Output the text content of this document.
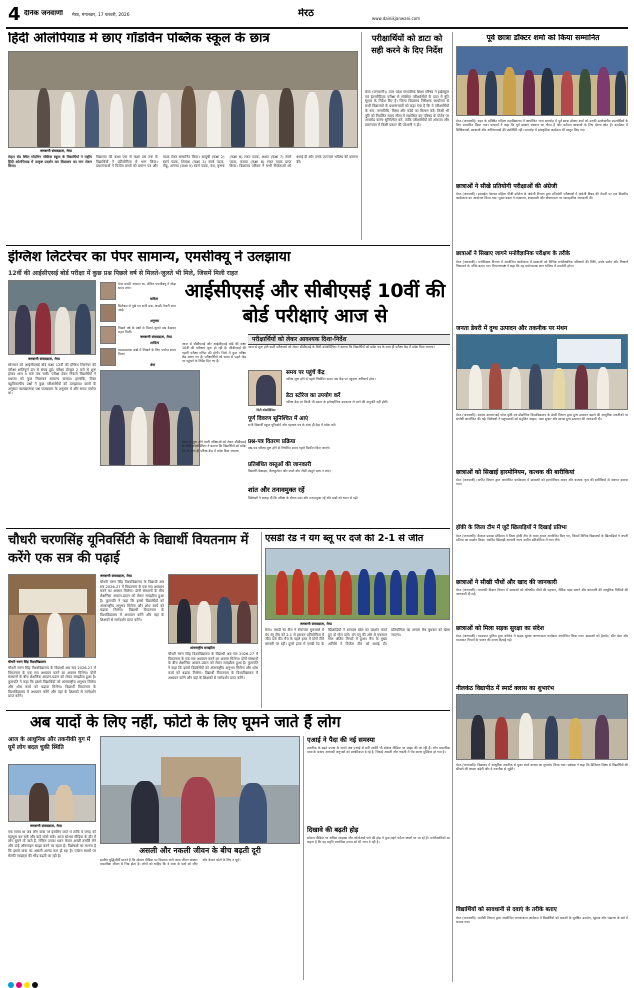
4 दैनिक जनवाणी मेरठ, मंगलवार, 17 फरवरी, 2026	मेरठ	www.dainikjanwani.com
हिंदी ओलंपियाड में छाए गॉडविन पब्लिक स्कूल के छात्र
जनवाणी संवाददाता, मेरठ
रोहटा रोड स्थित गॉडविन पब्लिक स्कूल के विद्यार्थियों ने राष्ट्रीय हिंदी ओलंपियाड में उत्कृष्ट प्रदर्शन कर विद्यालय का नाम रोशन किया।
विद्यालय की कक्षा एक से कक्षा दस तक के विद्यार्थियों ने प्रतियोगिता में भाग लिया। प्रधानाचार्या ने विजेता छात्रों को प्रमाण पत्र और पदक देकर सम्मानित किया। आयुषी (कक्षा 2) स्वर्ण पदक, शिवांश (कक्षा 3) स्वर्ण पदक, पीहू, अनन्या (कक्षा 5) स्वर्ण पदक, वंश, कृष्णा (कक्षा 6) रजत पदक, अक्षत (कक्षा 7) स्वर्ण पदक, काव्या (कक्षा 8) रजत पदक प्राप्त किया। विद्यालय परिवार ने सभी विजेताओं को बधाई दी और उनके उज्ज्वल भविष्य की कामना की।
परीक्षार्थियों को डाटा को सही करने के दिए निर्देश
मेरठ (जनवाणी)। उत्तर प्रदेश माध्यमिक शिक्षा परिषद ने हाईस्कूल एवं इंटरमीडिएट परीक्षा से संबंधित परीक्षार्थियों के डाटा में त्रुटि सुधार के निर्देश दिए हैं। जिला विद्यालय निरीक्षक कार्यालय से सभी विद्यालयों के प्रधानाचार्यों को कहा गया है कि वे परीक्षार्थियों के नाम, जन्मतिथि, विषय और फोटो का मिलान करें। किसी भी त्रुटि को निर्धारित समय सीमा में संशोधित कर परिषद के पोर्टल पर अपलोड करना सुनिश्चित करें, ताकि परीक्षार्थियों को अंकपत्र और प्रमाणपत्र में किसी प्रकार की परेशानी न हो।
पूर्व छात्रा डॉक्टर शर्मा को किया सम्मानित
मेरठ (जनवाणी)। शहर के प्रतिष्ठित महिला महाविद्यालय में आयोजित भव्य समारोह में पूर्व छात्रा डॉक्टर शर्मा को उनकी उल्लेखनीय उपलब्धियों के लिए सम्मानित किया गया। प्राचार्या ने कहा कि पूर्व छात्राएं संस्थान का गौरव हैं और वर्तमान छात्राओं के लिए प्रेरणा स्रोत हैं। कार्यक्रम में शिक्षिकाओं, छात्राओं और अभिभावकों की उपस्थिति रही। समारोह में सांस्कृतिक कार्यक्रम भी प्रस्तुत किए गए।
छात्राओं ने सीखे प्रतियोगी परीक्षाओं की अंग्रेजी
मेरठ (जनवाणी)। इस्माईल नेशनल महिला पीजी कॉलेज के अंग्रेजी विभाग द्वारा प्रतियोगी परीक्षाओं में अंग्रेजी विषय की तैयारी पर एक दिवसीय कार्यशाला का आयोजन किया गया। मुख्य वक्ता ने व्याकरण, शब्दावली और बोधगम्यता पर व्यावहारिक जानकारी दी।
छात्राओं ने सिखाए जागने मनोवैज्ञानिक परीक्षण के तरीके
मेरठ (जनवाणी)। मनोविज्ञान विभाग में आयोजित कार्यशाला में छात्राओं को विभिन्न मनोवैज्ञानिक परीक्षणों की विधि, उनके प्रयोग और निष्कर्ष निकालने के तरीके बताए गए। विभागाध्यक्ष ने कहा कि यह प्रयोगात्मक ज्ञान भविष्य में उपयोगी होगा।
जनता डेयरी में दुग्ध उत्पादन और तकनीक पर मंथन
मेरठ (जनवाणी)। सरदार वल्लभभाई पटेल कृषि एवं प्रौद्योगिक विश्वविद्यालय के डेयरी विभाग द्वारा दुग्ध उत्पादन बढ़ाने की आधुनिक तकनीकों पर संगोष्ठी आयोजित की गई। विशेषज्ञों ने पशुपालकों को संतुलित आहार, नस्ल सुधार और स्वच्छ दुग्ध उत्पादन की जानकारी दी।
छात्राओं को सिखाई हारमोनियम, कत्थक की बारीकियां
मेरठ (जनवाणी)। संगीत विभाग द्वारा आयोजित कार्यशाला में छात्राओं को हारमोनियम वादन और कत्थक नृत्य की बारीकियों से अवगत कराया गया।
हॉकी के जिला टीम में जुटें खिलाड़ियों ने दिखाई प्रतिभा
मेरठ (जनवाणी)। कैलाश प्रकाश स्टेडियम में जिला हॉकी टीम के चयन ट्रायल आयोजित किए गए, जिसमें विभिन्न विद्यालयों के खिलाड़ियों ने अपनी प्रतिभा का प्रदर्शन किया। चयनित खिलाड़ी आगामी राज्य स्तरीय प्रतियोगिता में भाग लेंगे।
छात्राओं ने सीखी पौधों और खाद की जानकारी
मेरठ (जनवाणी)। वनस्पति विज्ञान विभाग में छात्राओं को औषधीय पौधों की पहचान, जैविक खाद बनाने और बागवानी की आधुनिक विधियों की जानकारी दी गई।
छात्राओं को मिला सड़क सुरक्षा का संदेश
मेरठ (जनवाणी)। यातायात पुलिस द्वारा कॉलेज में सड़क सुरक्षा जागरूकता कार्यक्रम आयोजित किया गया। छात्राओं को हेलमेट, सीट बेल्ट और यातायात नियमों के पालन की शपथ दिलाई गई।
नीलकंठ विद्यापीठ में स्मार्ट क्लास का शुभारंभ
मेरठ (जनवाणी)। विद्यालय में आधुनिक तकनीक से युक्त स्मार्ट क्लास का शुभारंभ किया गया। प्रबंधक ने कहा कि डिजिटल शिक्षा से विद्यार्थियों की सीखने की क्षमता बढ़ेगी और वे तकनीक से जुड़ेंगे।
विद्यार्थियों को सावधानी से दवाएं के तरीके बताए
मेरठ (जनवाणी)। फार्मेसी विभाग द्वारा आयोजित जागरूकता कार्यक्रम में विद्यार्थियों को दवाओं के सुरक्षित उपयोग, खुराक और भंडारण के बारे में बताया गया।
इंग्लिश लिटरेचर का पेपर सामान्य, एमसीक्यू ने उलझाया
12वीं की आईसीएसई बोर्ड परीक्षा में कुछ प्रश्न पिछले वर्ष से मिलते-जुलते भी मिले, जिसमें मिली राहत
जनवाणी संवाददाता, मेरठ
सोमवार को आईसीएसई बोर्ड कक्षा 12वीं की इंग्लिश लिटरेचर की परीक्षा शांतिपूर्ण ढंग से संपन्न हुई। परीक्षा दोपहर 2 बजे से शुरू होकर शाम 5 बजे तक चली। परीक्षा देकर निकले विद्यार्थियों ने प्रश्नपत्र को कुल मिलाकर सामान्य बताया। हालांकि, रिक्त बहुविकल्पीय प्रश्नों ने कुछ परीक्षार्थियों को उलझाया। छात्रों के अनुसार व्याख्यात्मक प्रश्न पाठ्यक्रम के अनुसार थे और समय पर्याप्त था।
पेपर काफी आसान था, लेकिन एमसीक्यू में थोड़ा समय लगा।
कविता
सिलेबस से पूछे गए सभी प्रश्न, अच्छी तैयारी काम आई।
अनुष्का
पिछले वर्ष के प्रश्नों से मिलते-जुलते प्रश्न देखकर राहत मिली।
आदित्य
व्याख्यात्मक प्रश्नों में लिखने के लिए पर्याप्त समय मिला।
श्रेया
आईसीएसई और सीबीएसई 10वीं की बोर्ड परीक्षाएं आज से
जनवाणी संवाददाता, मेरठ
आज से सीबीएसई और आईसीएसई बोर्ड की कक्षा 10वीं की परीक्षाएं शुरू हो रही हैं। सीबीएसई की पहली परीक्षा गणित की होगी। जिले में कुल परीक्षा केंद्र बनाए गए हैं। परीक्षार्थियों को समय से पहले केंद्र पर पहुंचने के निर्देश दिए गए हैं।
परीक्षार्थियों को लेकर आवश्यक दिशा-निर्देश
आज से शुरू होने वाली परीक्षाओं को लेकर सीबीएसई के सिटी कोऑर्डिनेटर ने बताया कि विद्यार्थियों को प्रवेश पत्र के साथ ही परीक्षा केंद्र में प्रवेश दिया जाएगा।
सिटी कोऑर्डिनेटर
समय पर पहुंचें केंद्र
परीक्षा शुरू होने से पहले निर्धारित समय तक केंद्र पर पहुंचना अनिवार्य होगा।
डेटा स्टोरेज का उपयोग करें
परीक्षा केंद्र पर किसी भी प्रकार के इलेक्ट्रॉनिक उपकरण ले जाने की अनुमति नहीं होगी।
पूर्ण विवरण सूनिश्चित में आएं
सभी विद्यार्थी स्कूल यूनिफॉर्म और पहचान पत्र के साथ ही केंद्र में प्रवेश करें।
प्रश्न-पत्र वितरण प्रक्रिया
प्रश्न-पत्र परीक्षा शुरू होने से निर्धारित समय पहले वितरित किए जाएंगे।
प्रतिबंधित वस्तुओं की जानकारी
विद्यार्थी मोबाइल, कैलकुलेटर और स्मार्ट वॉच जैसी वस्तुएं साथ न लाएं।
शांत और तनावमुक्त रहें
विशेषज्ञों ने सलाह दी कि परीक्षा के दौरान शांत और तनावमुक्त रहें और प्रश्नों को ध्यान से पढ़ें।
आज से शुरू होने वाली परीक्षाओं को लेकर सीबीएसई के सिटी कोऑर्डिनेटर ने बताया कि विद्यार्थियों को प्रवेश पत्र के साथ ही परीक्षा केंद्र में प्रवेश दिया जाएगा।
चौधरी चरणसिंह यूनिवर्सिटी के विद्यार्थी वियतनाम में करेंगे एक सत्र की पढ़ाई
चौधरी चरण सिंह विश्वविद्यालय
चौधरी चरण सिंह विश्वविद्यालय के विद्यार्थी अब सत्र 2026-27 में वियतनाम के एक सत्र अध्ययन करने का अवसर मिलेगा। दोनों संस्थानों के बीच शैक्षणिक आदान-प्रदान को लेकर समझौता हुआ है। कुलपति ने कहा कि इससे विद्यार्थियों को अंतरराष्ट्रीय अनुभव मिलेगा और शोध कार्य को बढ़ावा मिलेगा। विद्यार्थी वियतनाम के विश्वविद्यालय में अध्ययन करेंगे और वहां के शिक्षकों से मार्गदर्शन प्राप्त करेंगे।
जनवाणी संवाददाता, मेरठ
चौधरी चरण सिंह विश्वविद्यालय के विद्यार्थी अब सत्र 2026-27 में वियतनाम के एक सत्र अध्ययन करने का अवसर मिलेगा। दोनों संस्थानों के बीच शैक्षणिक आदान-प्रदान को लेकर समझौता हुआ है। कुलपति ने कहा कि इससे विद्यार्थियों को अंतरराष्ट्रीय अनुभव मिलेगा और शोध कार्य को बढ़ावा मिलेगा। विद्यार्थी वियतनाम के विश्वविद्यालय में अध्ययन करेंगे और वहां के शिक्षकों से मार्गदर्शन प्राप्त करेंगे।
अंतरराष्ट्रीय समझौता
चौधरी चरण सिंह विश्वविद्यालय के विद्यार्थी अब सत्र 2026-27 में वियतनाम के एक सत्र अध्ययन करने का अवसर मिलेगा। दोनों संस्थानों के बीच शैक्षणिक आदान-प्रदान को लेकर समझौता हुआ है। कुलपति ने कहा कि इससे विद्यार्थियों को अंतरराष्ट्रीय अनुभव मिलेगा और शोध कार्य को बढ़ावा मिलेगा। विद्यार्थी वियतनाम के विश्वविद्यालय में अध्ययन करेंगे और वहां के शिक्षकों से मार्गदर्शन प्राप्त करेंगे।
एसडी रेड ने यंग ब्लू पर दर्ज की 2-1 से जीत
जनवाणी संवाददाता, मेरठ
मेरठ। एसडी रेड टीम ने रोमांचक मुकाबले में यंग ब्लू टीम को 2-1 से हराकर प्रतियोगिता में जीत दर्ज की। मैच के पहले हाफ में दोनों टीमें बराबरी पर रहीं। दूसरे हाफ में एसडी रेड के खिलाड़ियों ने शानदार खेल का प्रदर्शन करते हुए दो गोल दागे। यंग ब्लू की ओर से एकमात्र गोल अंतिम मिनटों में हुआ। मैच के मुख्य अतिथि ने विजेता टीम को बधाई दी। प्रतियोगिता का अगला मैच बुधवार को खेला जाएगा।
अब यादों के लिए नहीं, फोटो के लिए घूमने जाते हैं लोग
आज के आधुनिक और तकनीकी युग में घूमें लोग बदल चुकी स्थिति
जनवाणी संवाददाता, मेरठ
एक समय था जब लोग यात्रा पर इसलिए जाते थे ताकि वे जगह को महसूस कर सकें और यादें संजो सकें। आज सोशल मीडिया के दौर में लोग घूमने तो जाते हैं, लेकिन उनका ध्यान केवल अच्छी तस्वीरें लेने और उन्हें ऑनलाइन साझा करने पर रहता है। विशेषज्ञों का मानना है कि इससे यात्रा का असली आनंद कम हो रहा है। पर्यटन स्थलों पर सेल्फी प्वाइंट्स की भीड़ बढ़ती जा रही है।
असली और नकली जीवन के बीच बढ़ती दूरी
ग्रामीण बुद्धिजीवी मानते हैं कि सोशल मीडिया पर दिखाया जाने वाला जीवन अक्सर वास्तविक जीवन से भिन्न होता है। लोगों को चाहिए कि वे यात्रा के पलों को जीएं और केवल फोटो के लिए न घूमें।
एआई ने पैदा की नई समस्या
तकनीक के बढ़ते प्रभाव के चलते अब एआई से बनी तस्वीरें भी सोशल मीडिया पर साझा की जा रही हैं। लोग वास्तविक यात्रा के बजाय आभासी अनुभवों को प्राथमिकता दे रहे हैं, जिससे असली और नकली में भेद करना मुश्किल हो गया है।
दिखावे की बढ़ती होड़
सोशल मीडिया पर अधिक लाइक्स और फॉलोअर्स पाने की होड़ में युवा महंगे पर्यटन स्थलों पर जा रहे हैं। मनोवैज्ञानिकों का कहना है कि यह प्रवृत्ति मानसिक तनाव को भी जन्म दे रही है।
